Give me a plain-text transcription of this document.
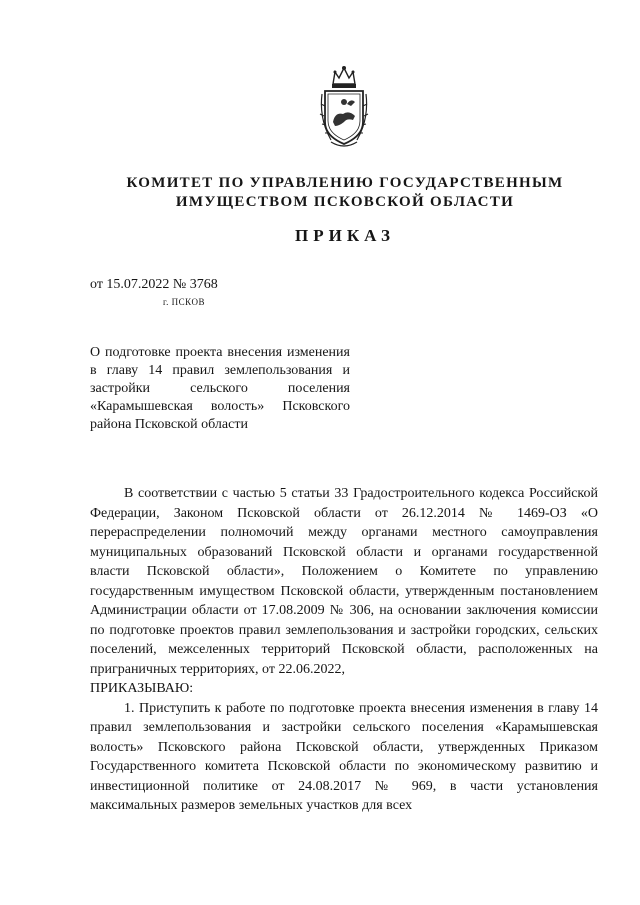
КОМИТЕТ ПО УПРАВЛЕНИЮ ГОСУДАРСТВЕННЫМ
ИМУЩЕСТВОМ ПСКОВСКОЙ ОБЛАСТИ
ПРИКАЗ
от 15.07.2022 № 3768
г. ПСКОВ
О подготовке проекта внесения изменения в главу 14 правил землепользования и застройки сельского поселения «Карамышевская волость» Псковского района Псковской области

В соответствии с частью 5 статьи 33 Градостроительного кодекса Российской Федерации, Законом Псковской области от 26.12.2014 № 1469-ОЗ «О перераспределении полномочий между органами местного самоуправления муниципальных образований Псковской области и органами государственной власти Псковской области», Положением о Комитете по управлению государственным имуществом Псковской области, утвержденным постановлением Администрации области от 17.08.2009 № 306, на основании заключения комиссии по подготовке проектов правил землепользования и застройки городских, сельских поселений, межселенных территорий Псковской области, расположенных на приграничных территориях, от 22.06.2022,

ПРИКАЗЫВАЮ:

1. Приступить к работе по подготовке проекта внесения изменения в главу 14 правил землепользования и застройки сельского поселения «Карамышевская волость» Псковского района Псковской области, утвержденных Приказом Государственного комитета Псковской области по экономическому развитию и инвестиционной политике от 24.08.2017 № 969, в части установления максимальных размеров земельных участков для всех
